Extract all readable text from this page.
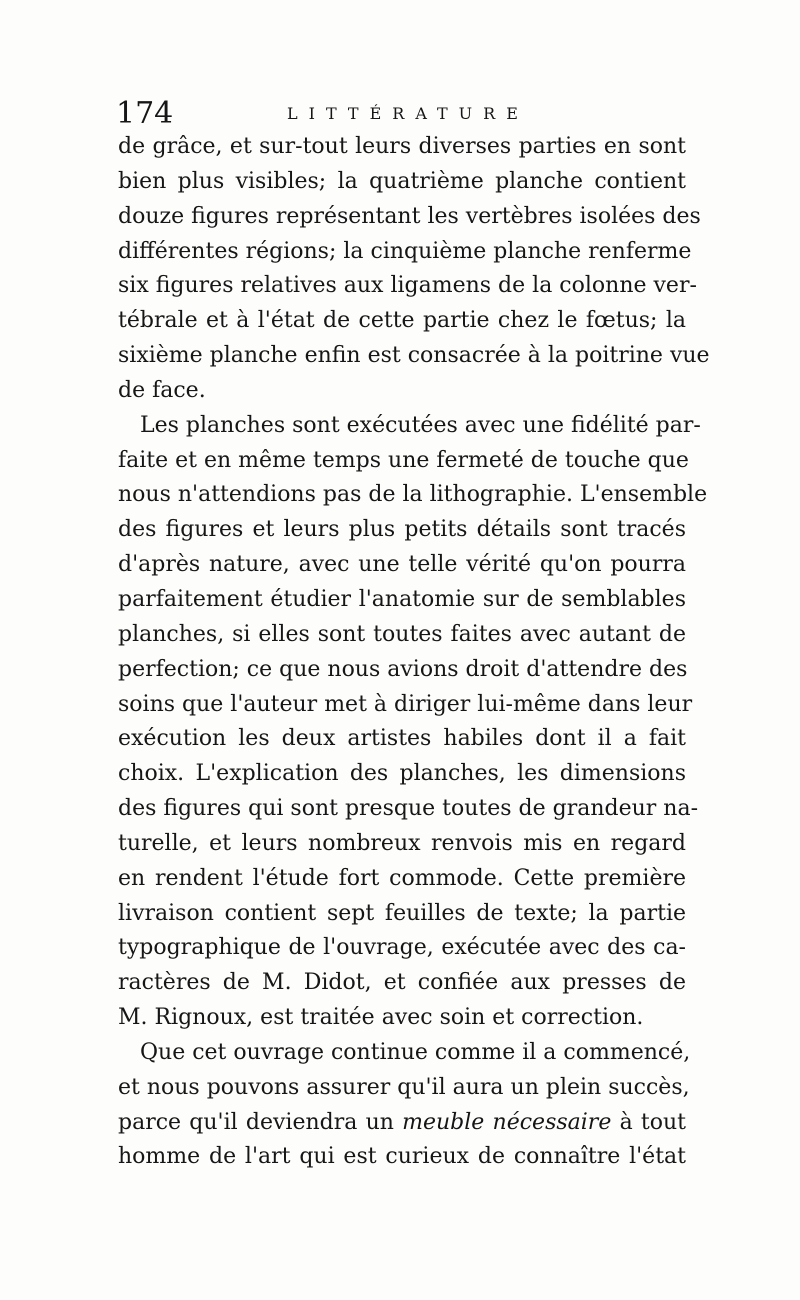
174	LITTÉRATURE
de grâce, et sur-tout leurs diverses parties en sont
bien plus visibles; la quatrième planche contient
douze figures représentant les vertèbres isolées des
différentes régions; la cinquième planche renferme
six figures relatives aux ligamens de la colonne ver-
tébrale et à l'état de cette partie chez le fœtus; la
sixième planche enfin est consacrée à la poitrine vue
de face.
Les planches sont exécutées avec une fidélité par-
faite et en même temps une fermeté de touche que
nous n'attendions pas de la lithographie. L'ensemble
des figures et leurs plus petits détails sont tracés
d'après nature, avec une telle vérité qu'on pourra
parfaitement étudier l'anatomie sur de semblables
planches, si elles sont toutes faites avec autant de
perfection; ce que nous avions droit d'attendre des
soins que l'auteur met à diriger lui-même dans leur
exécution les deux artistes habiles dont il a fait
choix. L'explication des planches, les dimensions
des figures qui sont presque toutes de grandeur na-
turelle, et leurs nombreux renvois mis en regard
en rendent l'étude fort commode. Cette première
livraison contient sept feuilles de texte; la partie
typographique de l'ouvrage, exécutée avec des ca-
ractères de M. Didot, et confiée aux presses de
M. Rignoux, est traitée avec soin et correction.
Que cet ouvrage continue comme il a commencé,
et nous pouvons assurer qu'il aura un plein succès,
parce qu'il deviendra un meuble nécessaire à tout
homme de l'art qui est curieux de connaître l'état
